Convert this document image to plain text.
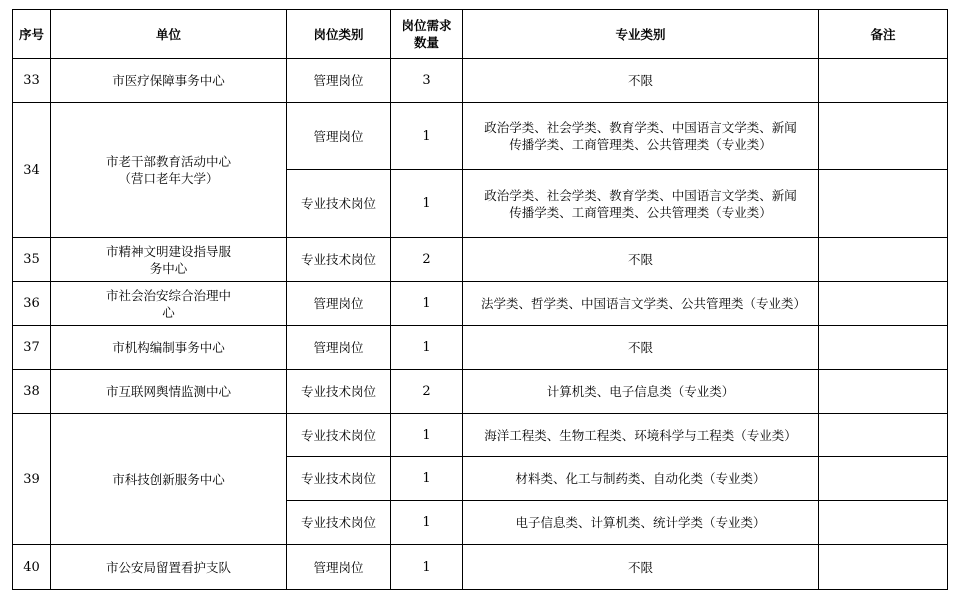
序号	单位	岗位类别	岗位需求数量	专业类别	备注
33	市医疗保障事务中心	管理岗位	3	不限	
34	市老干部教育活动中心（营口老年大学）	管理岗位	1	政治学类、社会学类、教育学类、中国语言文学类、新闻传播学类、工商管理类、公共管理类（专业类）	
		专业技术岗位	1	政治学类、社会学类、教育学类、中国语言文学类、新闻传播学类、工商管理类、公共管理类（专业类）	
35	市精神文明建设指导服务中心	专业技术岗位	2	不限	
36	市社会治安综合治理中心	管理岗位	1	法学类、哲学类、中国语言文学类、公共管理类（专业类）	
37	市机构编制事务中心	管理岗位	1	不限	
38	市互联网舆情监测中心	专业技术岗位	2	计算机类、电子信息类（专业类）	
39	市科技创新服务中心	专业技术岗位	1	海洋工程类、生物工程类、环境科学与工程类（专业类）	
		专业技术岗位	1	材料类、化工与制药类、自动化类（专业类）	
		专业技术岗位	1	电子信息类、计算机类、统计学类（专业类）	
40	市公安局留置看护支队	管理岗位	1	不限	
